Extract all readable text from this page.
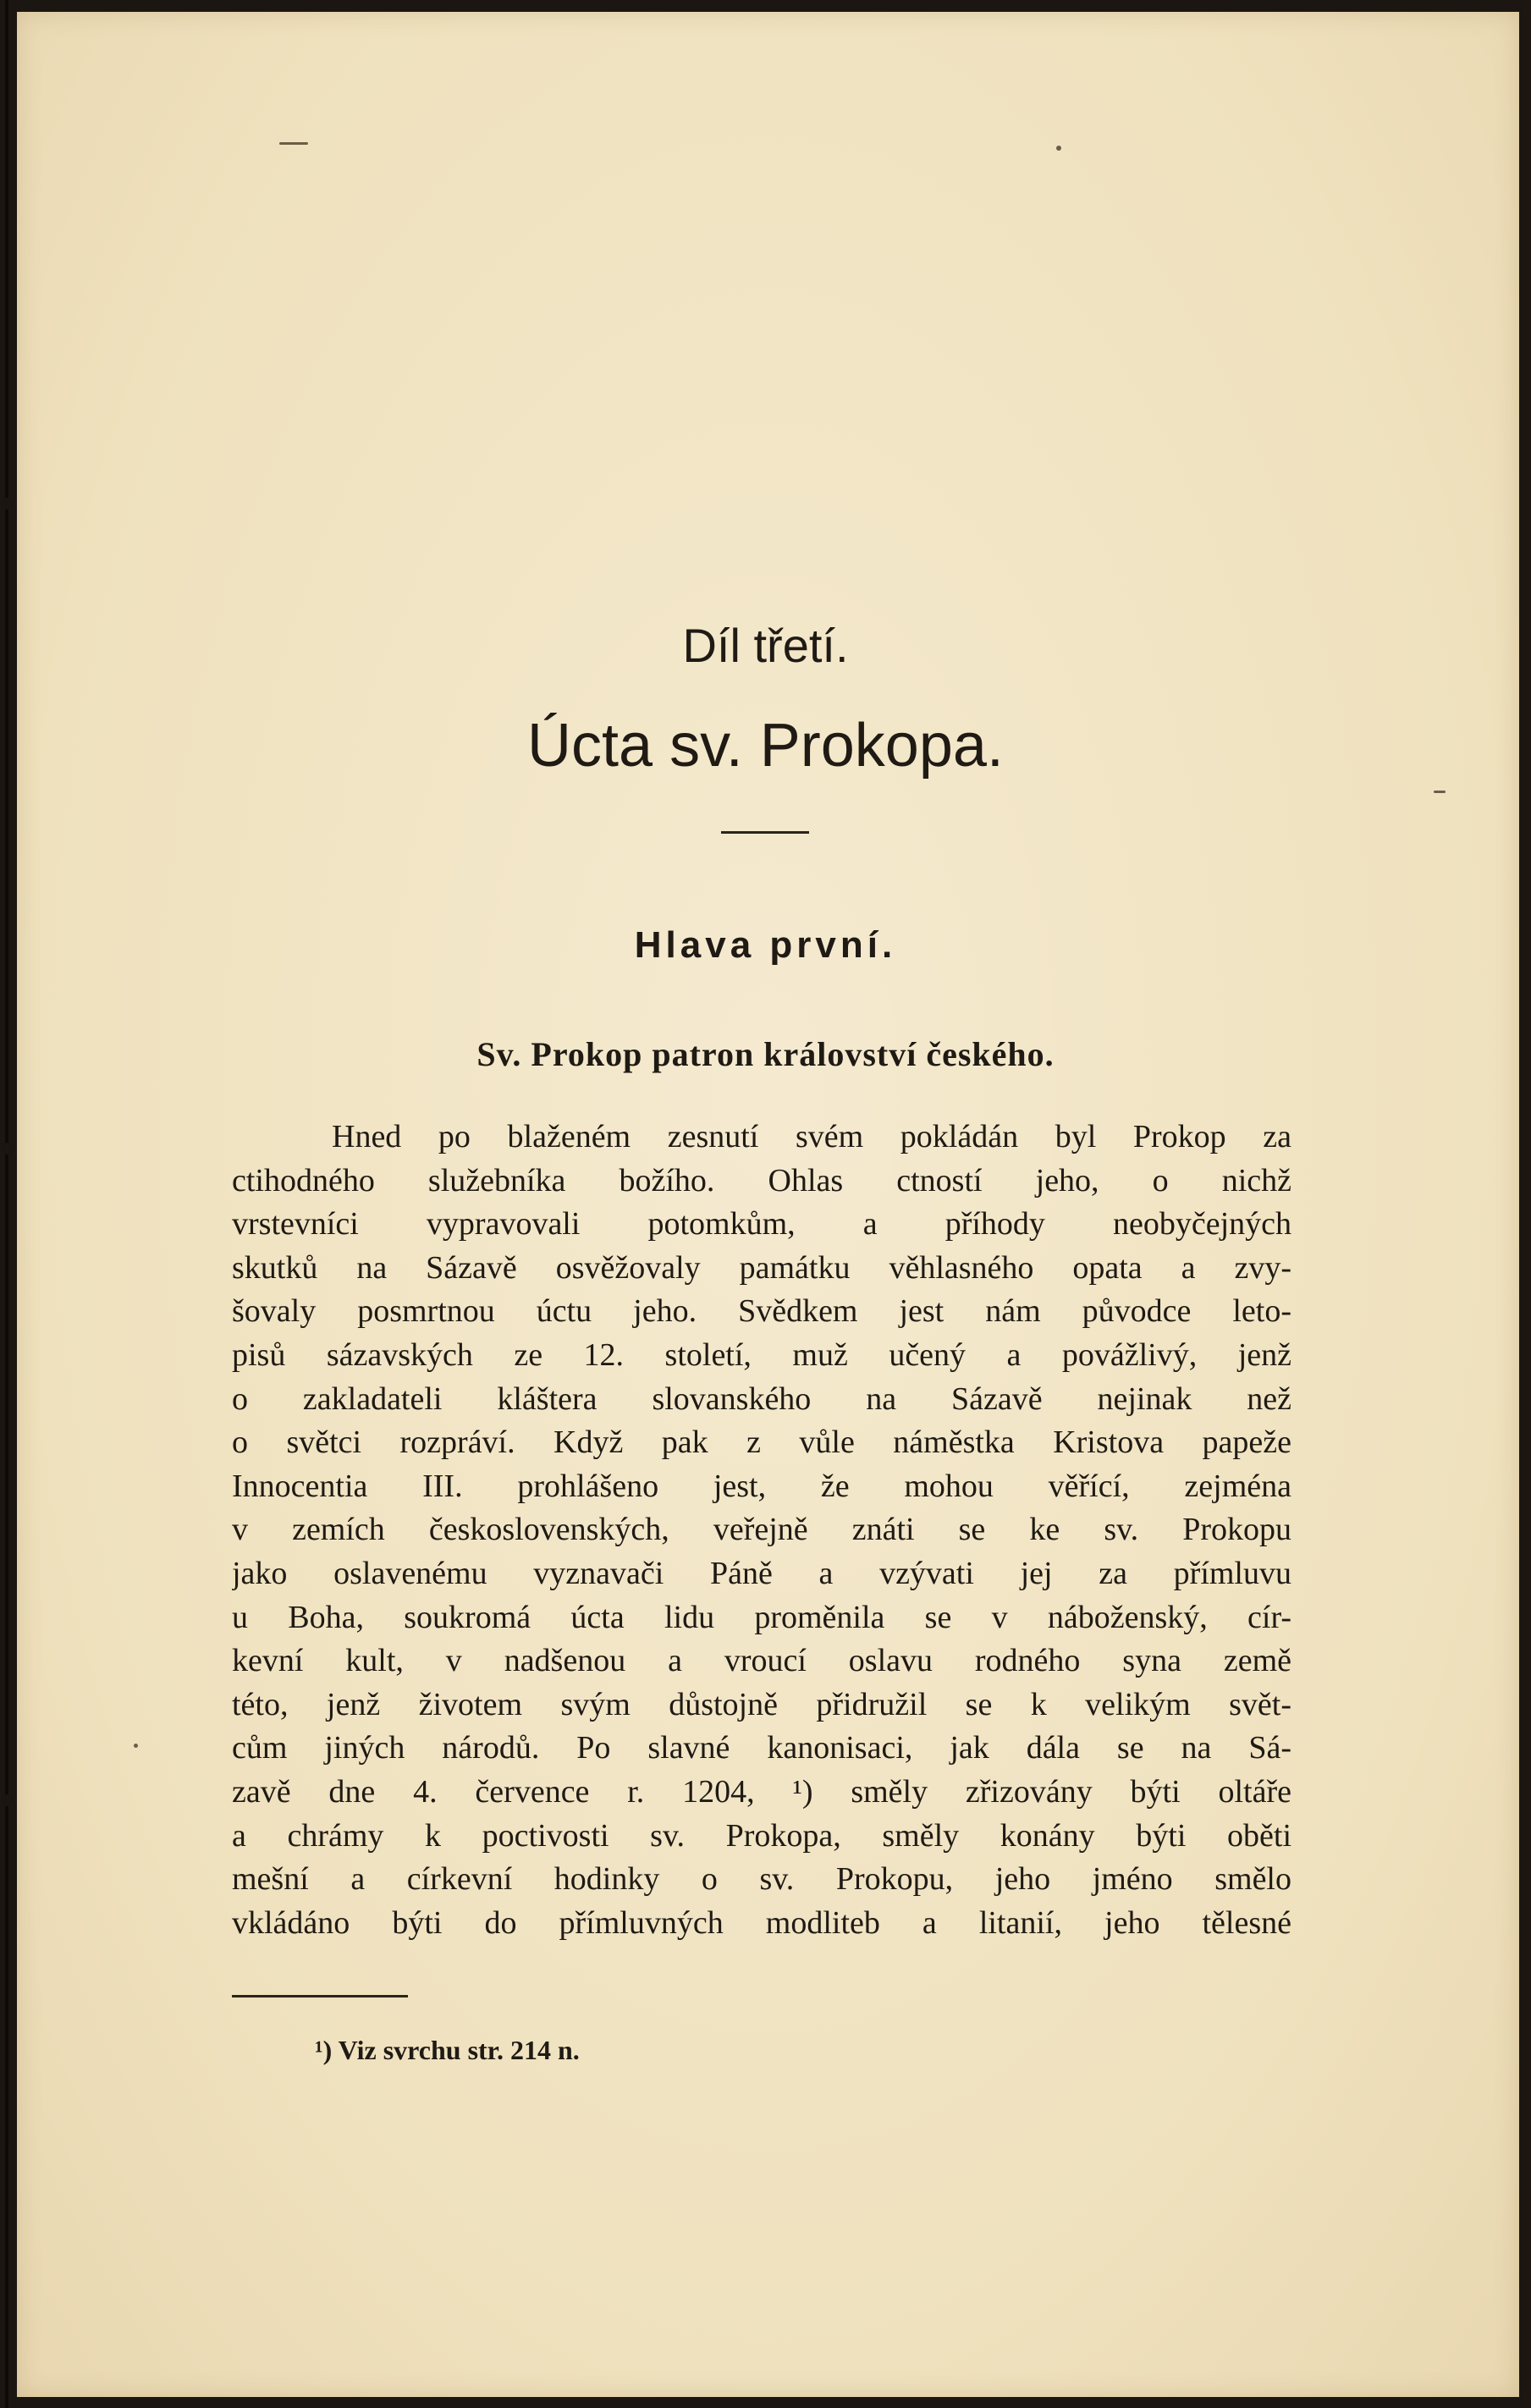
Díl třetí.
Úcta sv. Prokopa.
Hlava první.
Sv. Prokop patron království českého.
Hned po blaženém zesnutí svém pokládán byl Prokop za
ctihodného služebníka božího. Ohlas ctností jeho, o nichž
vrstevníci vypravovali potomkům, a příhody neobyčejných
skutků na Sázavě osvěžovaly památku věhlasného opata a zvy-
šovaly posmrtnou úctu jeho. Svědkem jest nám původce leto-
pisů sázavských ze 12. století, muž učený a povážlivý, jenž
o zakladateli kláštera slovanského na Sázavě nejinak než
o světci rozpráví. Když pak z vůle náměstka Kristova papeže
Innocentia III. prohlášeno jest, že mohou věřící, zejména
v zemích československých, veřejně znáti se ke sv. Prokopu
jako oslavenému vyznavači Páně a vzývati jej za přímluvu
u Boha, soukromá úcta lidu proměnila se v náboženský, cír-
kevní kult, v nadšenou a vroucí oslavu rodného syna země
této, jenž životem svým důstojně přidružil se k velikým svět-
cům jiných národů. Po slavné kanonisaci, jak dála se na Sá-
zavě dne 4. července r. 1204, ¹) směly zřizovány býti oltáře
a chrámy k poctivosti sv. Prokopa, směly konány býti oběti
mešní a církevní hodinky o sv. Prokopu, jeho jméno smělo
vkládáno býti do přímluvných modliteb a litanií, jeho tělesné
¹) Viz svrchu str. 214 n.
